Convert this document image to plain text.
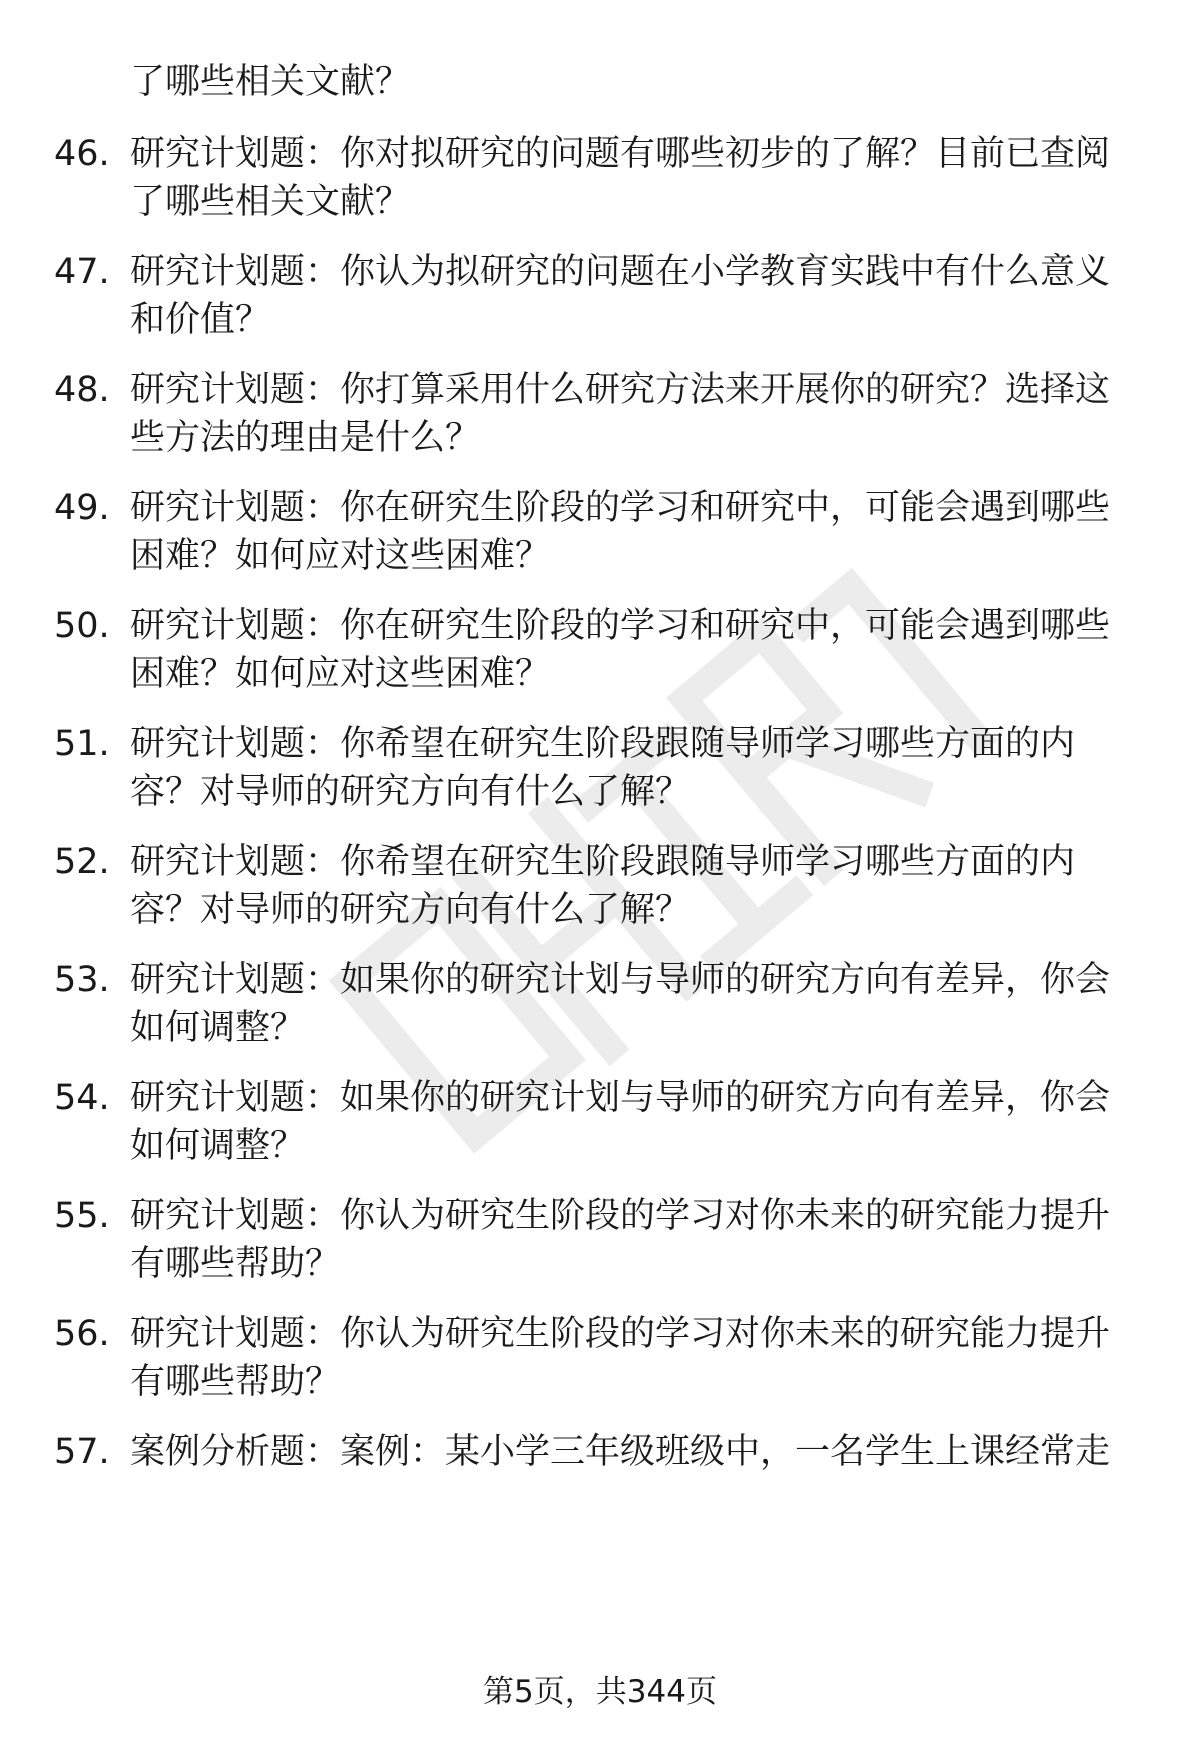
了哪些相关文献？
46. 研究计划题：你对拟研究的问题有哪些初步的了解？目前已查阅
了哪些相关文献？
47. 研究计划题：你认为拟研究的问题在小学教育实践中有什么意义
和价值？
48. 研究计划题：你打算采用什么研究方法来开展你的研究？选择这
些方法的理由是什么？
49. 研究计划题：你在研究生阶段的学习和研究中，可能会遇到哪些
困难？如何应对这些困难？
50. 研究计划题：你在研究生阶段的学习和研究中，可能会遇到哪些
困难？如何应对这些困难？
51. 研究计划题：你希望在研究生阶段跟随导师学习哪些方面的内
容？对导师的研究方向有什么了解？
52. 研究计划题：你希望在研究生阶段跟随导师学习哪些方面的内
容？对导师的研究方向有什么了解？
53. 研究计划题：如果你的研究计划与导师的研究方向有差异，你会
如何调整？
54. 研究计划题：如果你的研究计划与导师的研究方向有差异，你会
如何调整？
55. 研究计划题：你认为研究生阶段的学习对你未来的研究能力提升
有哪些帮助？
56. 研究计划题：你认为研究生阶段的学习对你未来的研究能力提升
有哪些帮助？
57. 案例分析题：案例：某小学三年级班级中，一名学生上课经常走
第5页，共344页
